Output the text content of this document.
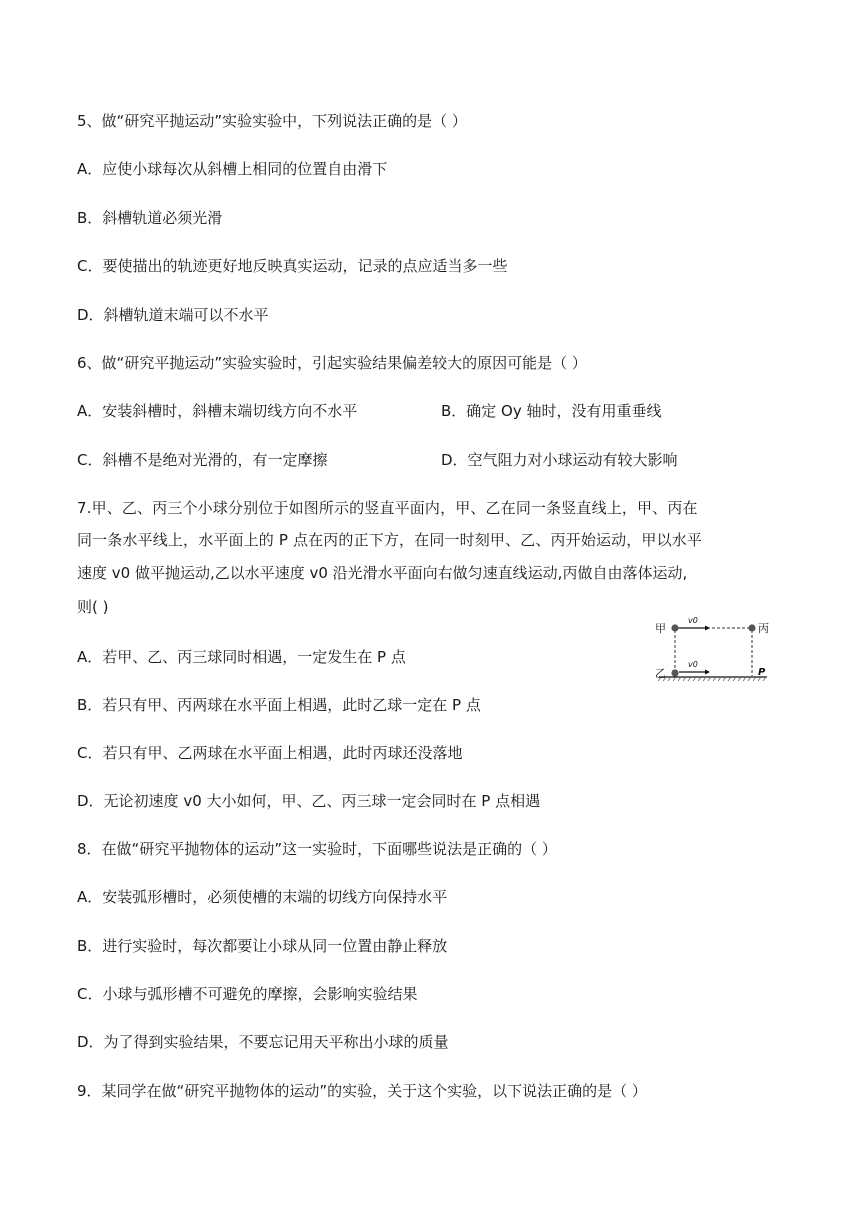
5、做“研究平抛运动”实验实验中，下列说法正确的是（ ）
A．应使小球每次从斜槽上相同的位置自由滑下
B．斜槽轨道必须光滑
C．要使描出的轨迹更好地反映真实运动，记录的点应适当多一些
D．斜槽轨道末端可以不水平
6、做“研究平抛运动”实验实验时，引起实验结果偏差较大的原因可能是（ ）
A．安装斜槽时，斜槽末端切线方向不水平	B．确定 Oy 轴时，没有用重垂线
C．斜槽不是绝对光滑的，有一定摩擦	D．空气阻力对小球运动有较大影响
7.甲、乙、丙三个小球分别位于如图所示的竖直平面内，甲、乙在同一条竖直线上，甲、丙在
同一条水平线上，水平面上的 P 点在丙的正下方，在同一时刻甲、乙、丙开始运动，甲以水平
速度 v0 做平抛运动,乙以水平速度 v0 沿光滑水平面向右做匀速直线运动,丙做自由落体运动,
则( )
A．若甲、乙、丙三球同时相遇，一定发生在 P 点
B．若只有甲、丙两球在水平面上相遇，此时乙球一定在 P 点
C．若只有甲、乙两球在水平面上相遇，此时丙球还没落地
D．无论初速度 v0 大小如何，甲、乙、丙三球一定会同时在 P 点相遇
甲	丙
乙	P
v0
v0
8．在做“研究平抛物体的运动”这一实验时，下面哪些说法是正确的（ ）
A．安装弧形槽时，必须使槽的末端的切线方向保持水平
B．进行实验时，每次都要让小球从同一位置由静止释放
C．小球与弧形槽不可避免的摩擦，会影响实验结果
D．为了得到实验结果，不要忘记用天平称出小球的质量
9．某同学在做“研究平抛物体的运动”的实验，关于这个实验，以下说法正确的是（ ）
